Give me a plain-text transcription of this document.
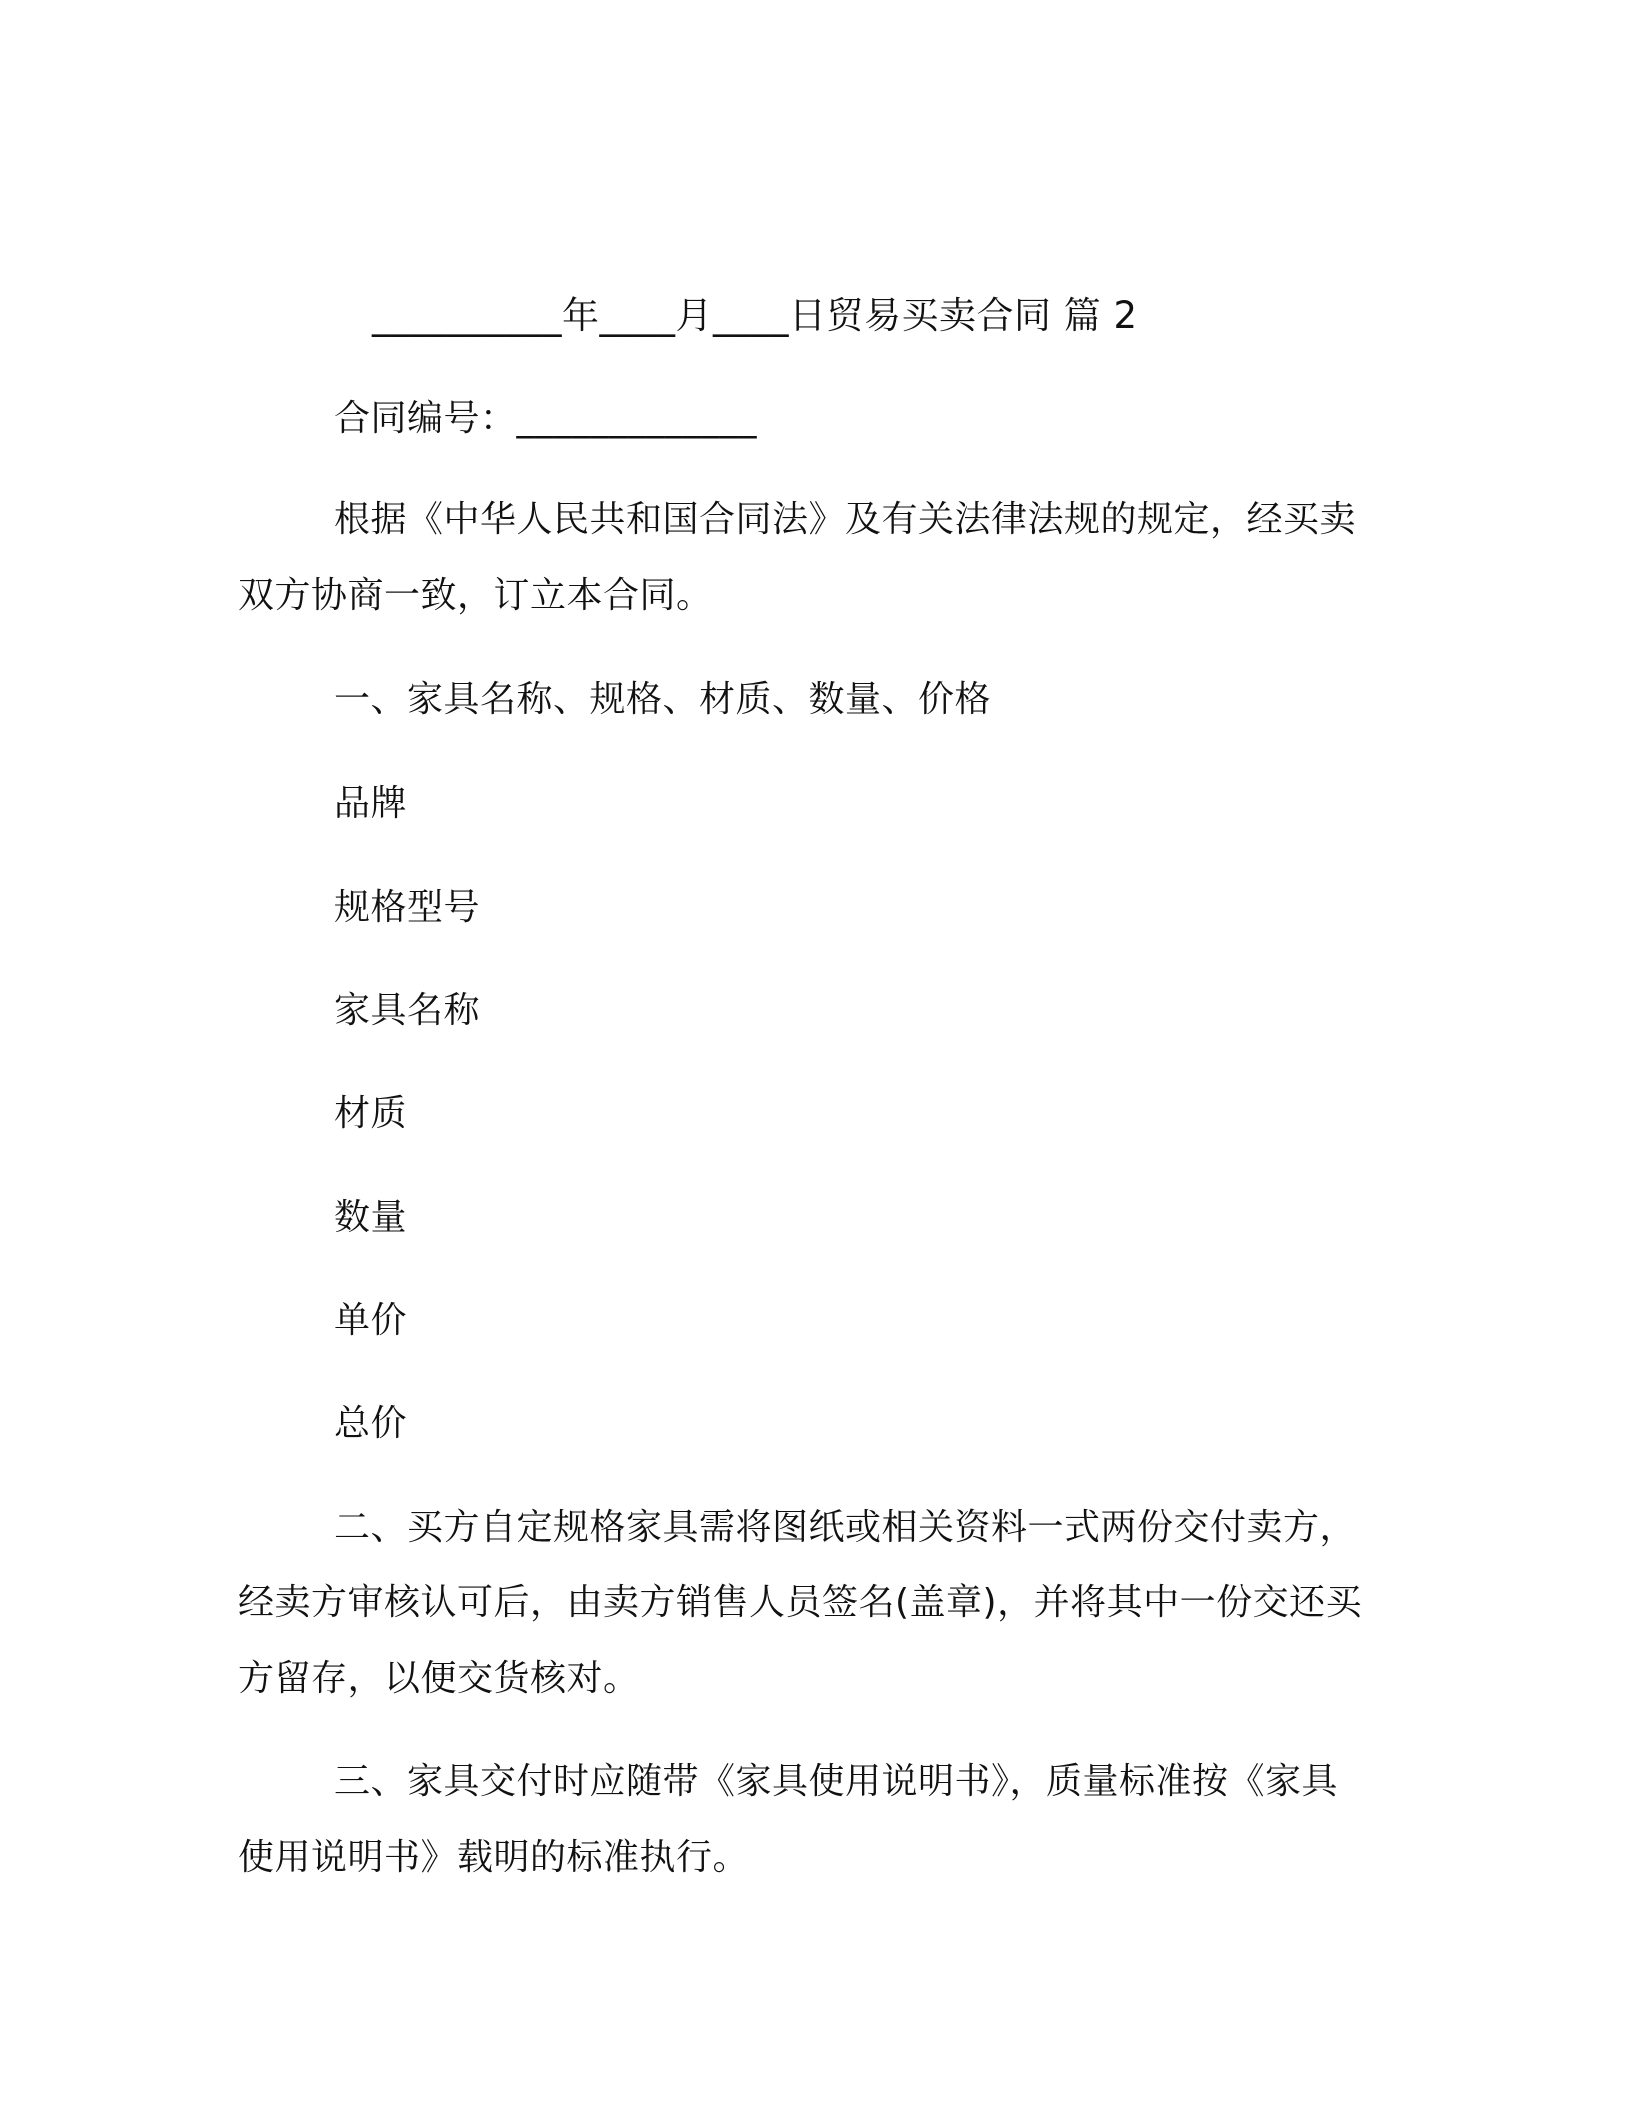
__________年____月____日贸易买卖合同 篇 2
合同编号：_____________
根据《中华人民共和国合同法》及有关法律法规的规定，经买卖
双方协商一致，订立本合同。
一、家具名称、规格、材质、数量、价格
品牌
规格型号
家具名称
材质
数量
单价
总价
二、买方自定规格家具需将图纸或相关资料一式两份交付卖方，
经卖方审核认可后，由卖方销售人员签名(盖章)，并将其中一份交还买
方留存，以便交货核对。
三、家具交付时应随带《家具使用说明书》，质量标准按《家具
使用说明书》载明的标准执行。
